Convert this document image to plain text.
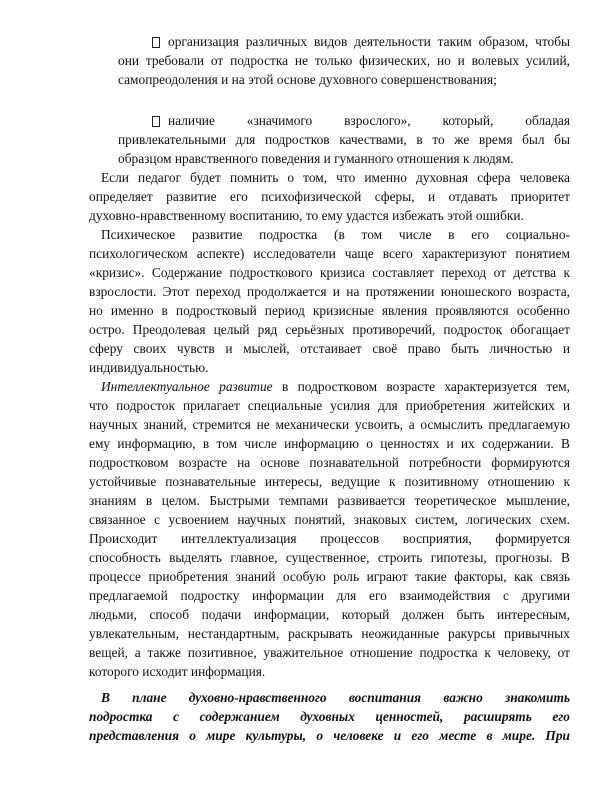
организация различных видов деятельности таким образом, чтобы
они требовали от подростка не только физических, но и волевых усилий,
самопреодоления и на этой основе духовного совершенствования;
наличие «значимого взрослого», который, обладая
привлекательными для подростков качествами, в то же время был бы
образцом нравственного поведения и гуманного отношения к людям.
Если педагог будет помнить о том, что именно духовная сфера человека
определяет развитие его психофизической сферы, и отдавать приоритет
духовно-нравственному воспитанию, то ему удастся избежать этой ошибки.
Психическое развитие подростка (в том числе в его социально-
психологическом аспекте) исследователи чаще всего характеризуют понятием
«кризис». Содержание подросткового кризиса составляет переход от детства к
взрослости. Этот переход продолжается и на протяжении юношеского возраста,
но именно в подростковый период кризисные явления проявляются особенно
остро. Преодолевая целый ряд серьёзных противоречий, подросток обогащает
сферу своих чувств и мыслей, отстаивает своё право быть личностью и
индивидуальностью.
Интеллектуальное развитие в подростковом возрасте характеризуется тем,
что подросток прилагает специальные усилия для приобретения житейских и
научных знаний, стремится не механически усвоить, а осмыслить предлагаемую
ему информацию, в том числе информацию о ценностях и их содержании. В
подростковом возрасте на основе познавательной потребности формируются
устойчивые познавательные интересы, ведущие к позитивному отношению к
знаниям в целом. Быстрыми темпами развивается теоретическое мышление,
связанное с усвоением научных понятий, знаковых систем, логических схем.
Происходит интеллектуализация процессов восприятия, формируется
способность выделять главное, существенное, строить гипотезы, прогнозы. В
процессе приобретения знаний особую роль играют такие факторы, как связь
предлагаемой подростку информации для его взаимодействия с другими
людьми, способ подачи информации, который должен быть интересным,
увлекательным, нестандартным, раскрывать неожиданные ракурсы привычных
вещей, а также позитивное, уважительное отношение подростка к человеку, от
которого исходит информация.
В плане духовно-нравственного воспитания важно знакомить
подростка с содержанием духовных ценностей, расширять его
представления о мире культуры, о человеке и его месте в мире. При
